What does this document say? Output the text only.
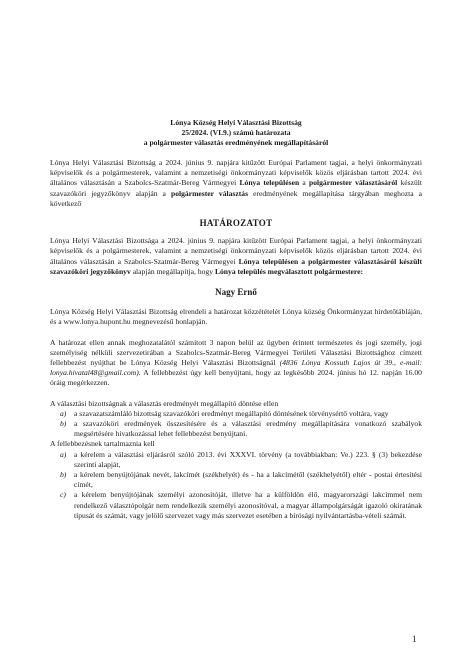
Lónya Község Helyi Választási Bizottság

25/2024. (VI.9.) számú határozata

a polgármester választás eredményének megállapításáról

Lónya Helyi Választási Bizottság a 2024. június 9. napjára kitűzött Európai Parlament tagjai, a helyi önkormányzati képviselők és a polgármesterek, valamint a nemzetiségi önkormányzati képviselők közös eljárásban tartott 2024. évi általános választásán a Szabolcs-Szatmár-Bereg Vármegyei Lónya településen a polgármester választásáról készült szavazóköri jegyzőkönyv alapján a polgármester választás eredményének megállapítása tárgyában meghozta a következő

HATÁROZATOT

Lónya Helyi Választási Bizottsága a 2024. június 9. napjára kitűzött Európai Parlament tagjai, a helyi önkormányzati képviselők és a polgármesterek, valamint a nemzetiségi önkormányzati képviselők közös eljárásban tartott 2024. évi általános választásán a Szabolcs-Szatmár-Bereg Vármegyei Lónya településen a polgármester választásáról készült szavazóköri jegyzőkönyv alapján megállapítja, hogy Lónya település megválasztott polgármestere:

Nagy Ernő

Lónya Község Helyi Választási Bizottság elrendeli a határozat közzétételét Lónya község Önkormányzat hirdetőtábláján, és a www.lonya.hupont.hu megnevezésű honlapján.

A határozat ellen annak meghozatalától számított 3 napon belül az ügyben érintett természetes és jogi személy, jogi személyiség nélküli szervezetirában a Szabolcs-Szatmár-Bereg Vármegyei Területi Választási Bizottsághoz címzett fellebbezést nyújthat be Lónya Község Helyi Választási Bizottságnál (4836 Lónya Kossuth Lajos út 39., e-mail: lonya.hivatal48@gmail.com). A fellebbezést úgy kell benyújtani, hogy az legkésőbb 2024. június hó 12. napján 16.00 óráig megérkezzen.

A választási bizottságnak a választás eredményét megállapító döntése ellen

a) a szavazatszámláló bizottság szavazóköri eredményt megállapító döntésének törvénysértő voltára, vagy
b) a szavazóköri eredmények összesítésére és a választási eredmény megállapítására vonatkozó szabályok megsértésére hivatkozással lehet fellebbezést benyújtani.

A fellebbezésnek tartalmaznia kell

a) a kérelem a választási eljárásról szóló 2013. évi XXXVI. törvény (a továbbiakban: Ve.) 223. § (3) bekezdése szerinti alapját,
b) a kérelem benyújtójának nevét, lakcímét (székhelyét) és - ha a lakcímétől (székhelyétől) eltér - postai értesítési címét,
c) a kérelem benyújtójának személyi azonosítóját, illetve ha a külföldön élő, magyarországi lakcímmel nem rendelkező választópolgár nem rendelkezik személyi azonosítóval, a magyar állampolgárságát igazoló okiratának típusát és számát, vagy jelölő szervezet vagy más szervezet esetében a bírósági nyilvántartásba-vételi számát.
1
